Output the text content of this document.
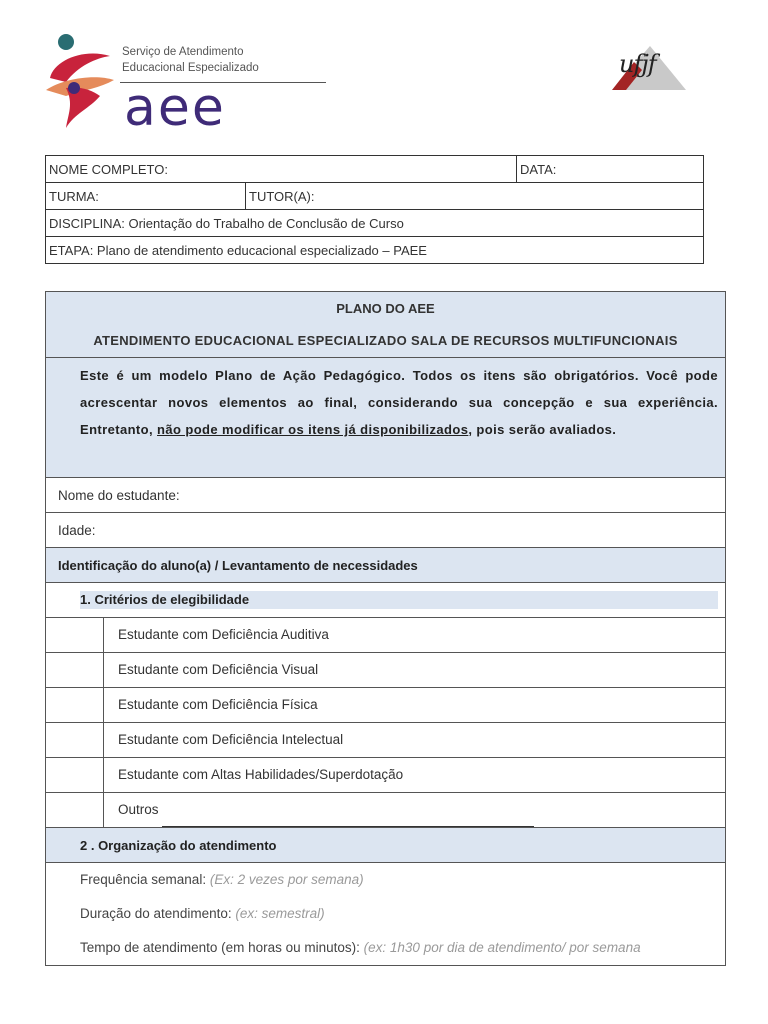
Serviço de Atendimento
Educacional Especializado
aee
ufjf
NOME COMPLETO:		DATA:
TURMA:	TUTOR(A):	
DISCIPLINA: Orientação do Trabalho de Conclusão de Curso		
ETAPA: Plano de atendimento educacional especializado – PAEE		
PLANO DO AEE
ATENDIMENTO EDUCACIONAL ESPECIALIZADO SALA DE RECURSOS MULTIFUNCIONAIS
Este é um modelo Plano de Ação Pedagógico. Todos os itens são obrigatórios. Você pode acrescentar novos elementos ao final, considerando sua concepção e sua experiência. Entretanto, não pode modificar os itens já disponibilizados, pois serão avaliados.
Nome do estudante:
Idade:
Identificação do aluno(a) / Levantamento de necessidades
1. Critérios de elegibilidade
Estudante com Deficiência Auditiva
Estudante com Deficiência Visual
Estudante com Deficiência Física
Estudante com Deficiência Intelectual
Estudante com Altas Habilidades/Superdotação
Outros
2 . Organização do atendimento
Frequência semanal: (Ex: 2 vezes por semana)
Duração do atendimento: (ex: semestral)
Tempo de atendimento (em horas ou minutos): (ex: 1h30 por dia de atendimento/ por semana
